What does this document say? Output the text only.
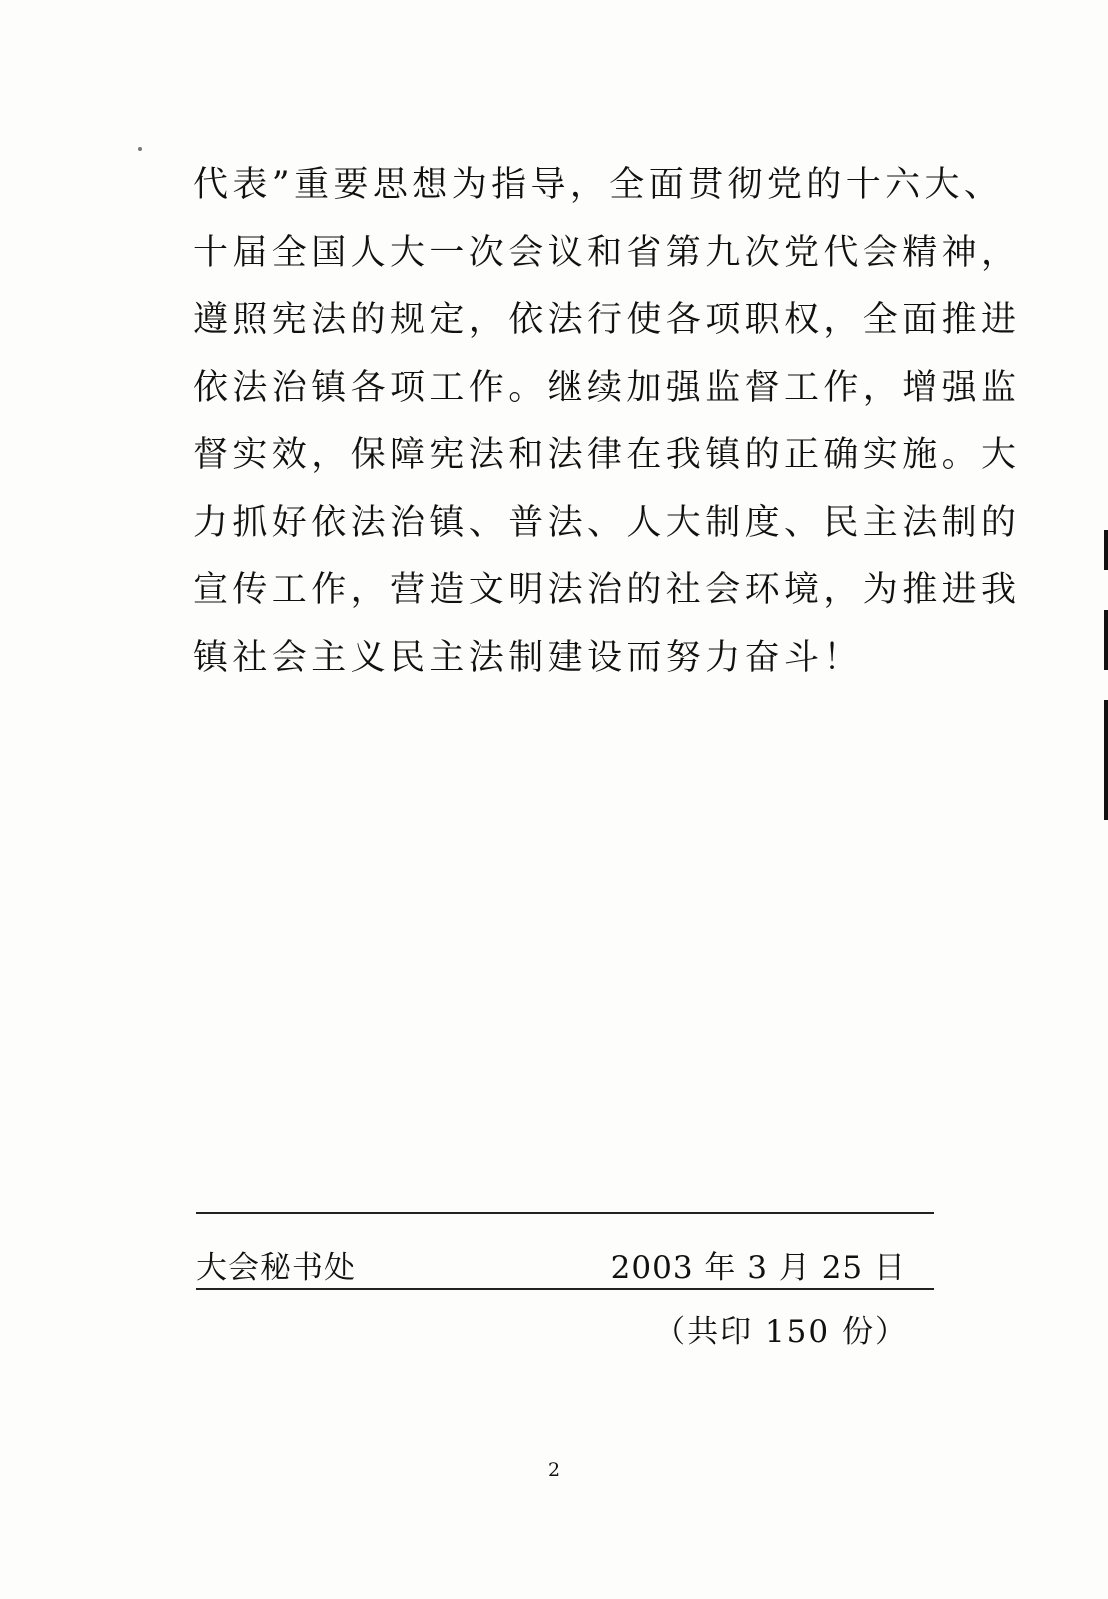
代表”重要思想为指导，全面贯彻党的十六大、
十届全国人大一次会议和省第九次党代会精神，
遵照宪法的规定，依法行使各项职权，全面推进
依法治镇各项工作。继续加强监督工作，增强监
督实效，保障宪法和法律在我镇的正确实施。大
力抓好依法治镇、普法、人大制度、民主法制的
宣传工作，营造文明法治的社会环境，为推进我
镇社会主义民主法制建设而努力奋斗！
大会秘书处	2003 年 3 月 25 日
（共印 150 份）
2
